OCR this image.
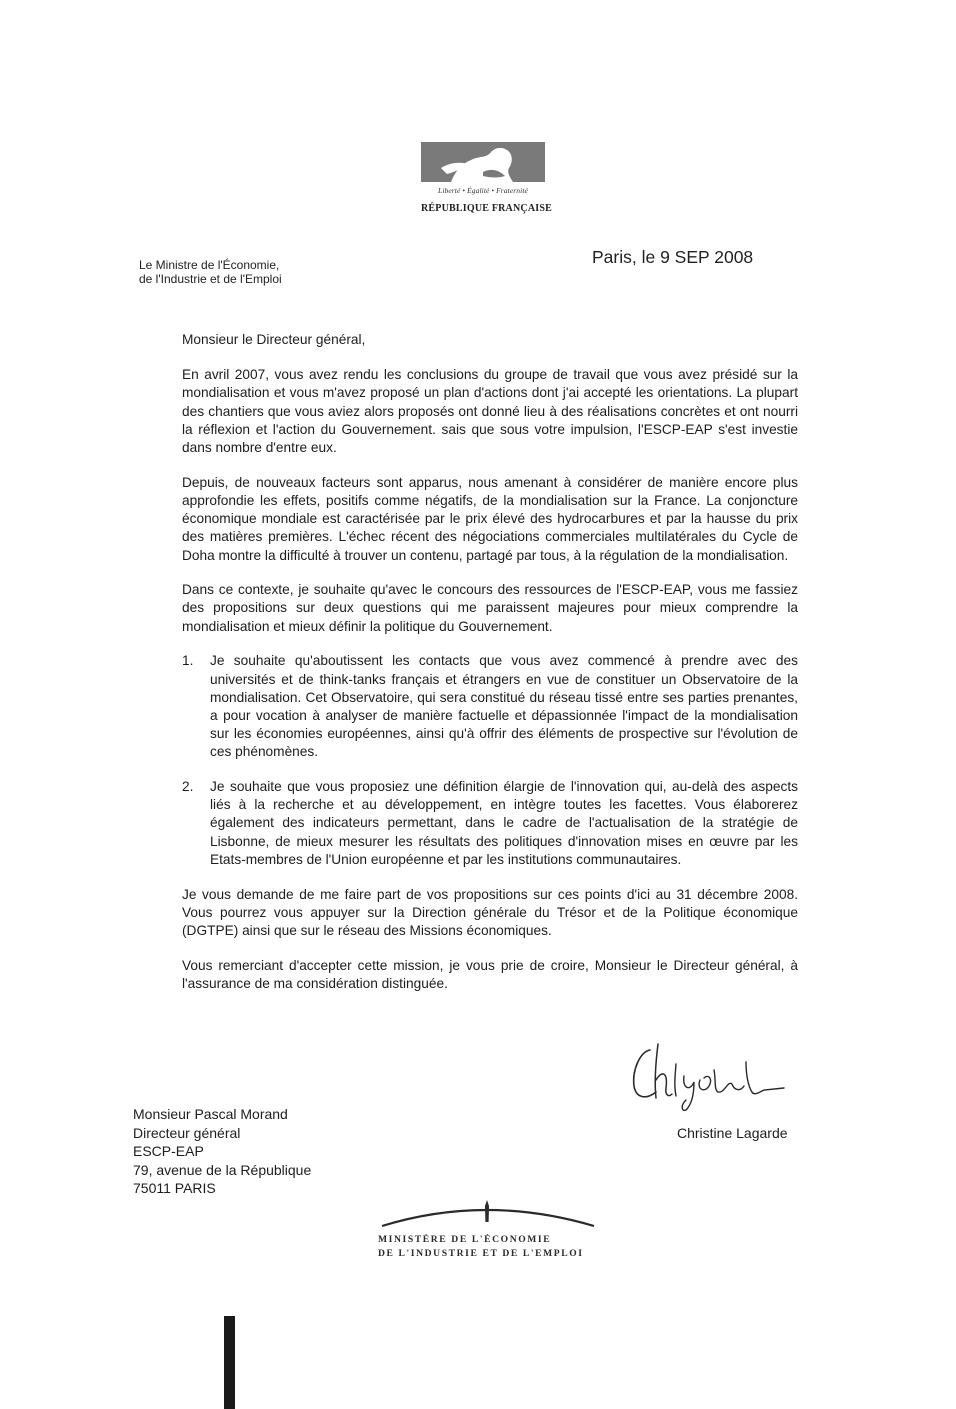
Liberté • Égalité • Fraternité
RÉPUBLIQUE FRANÇAISE
Le Ministre de l'Économie,
de l'Industrie et de l'Emploi
Paris, le 9 SEP 2008

Monsieur le Directeur général,

En avril 2007, vous avez rendu les conclusions du groupe de travail que vous avez présidé sur la mondialisation et vous m'avez proposé un plan d'actions dont j'ai accepté les orientations. La plupart des chantiers que vous aviez alors proposés ont donné lieu à des réalisations concrètes et ont nourri la réflexion et l'action du Gouvernement. sais que sous votre impulsion, l'ESCP-EAP s'est investie dans nombre d'entre eux.

Depuis, de nouveaux facteurs sont apparus, nous amenant à considérer de manière encore plus approfondie les effets, positifs comme négatifs, de la mondialisation sur la France. La conjoncture économique mondiale est caractérisée par le prix élevé des hydrocarbures et par la hausse du prix des matières premières. L'échec récent des négociations commerciales multilatérales du Cycle de Doha montre la difficulté à trouver un contenu, partagé par tous, à la régulation de la mondialisation.

Dans ce contexte, je souhaite qu'avec le concours des ressources de l'ESCP-EAP, vous me fassiez des propositions sur deux questions qui me paraissent majeures pour mieux comprendre la mondialisation et mieux définir la politique du Gouvernement.

1.	Je souhaite qu'aboutissent les contacts que vous avez commencé à prendre avec des universités et de think-tanks français et étrangers en vue de constituer un Observatoire de la mondialisation. Cet Observatoire, qui sera constitué du réseau tissé entre ses parties prenantes, a pour vocation à analyser de manière factuelle et dépassionnée l'impact de la mondialisation sur les économies européennes, ainsi qu'à offrir des éléments de prospective sur l'évolution de ces phénomènes.
2.	Je souhaite que vous proposiez une définition élargie de l'innovation qui, au-delà des aspects liés à la recherche et au développement, en intègre toutes les facettes. Vous élaborerez également des indicateurs permettant, dans le cadre de l'actualisation de la stratégie de Lisbonne, de mieux mesurer les résultats des politiques d'innovation mises en œuvre par les Etats-membres de l'Union européenne et par les institutions communautaires.

Je vous demande de me faire part de vos propositions sur ces points d'ici au 31 décembre 2008. Vous pourrez vous appuyer sur la Direction générale du Trésor et de la Politique économique (DGTPE) ainsi que sur le réseau des Missions économiques.

Vous remerciant d'accepter cette mission, je vous prie de croire, Monsieur le Directeur général, à l'assurance de ma considération distinguée.

Christine Lagarde
Monsieur Pascal Morand
Directeur général
ESCP-EAP
79, avenue de la République
75011 PARIS
MINISTÈRE DE L'ÉCONOMIE
DE L'INDUSTRIE ET DE L'EMPLOI
